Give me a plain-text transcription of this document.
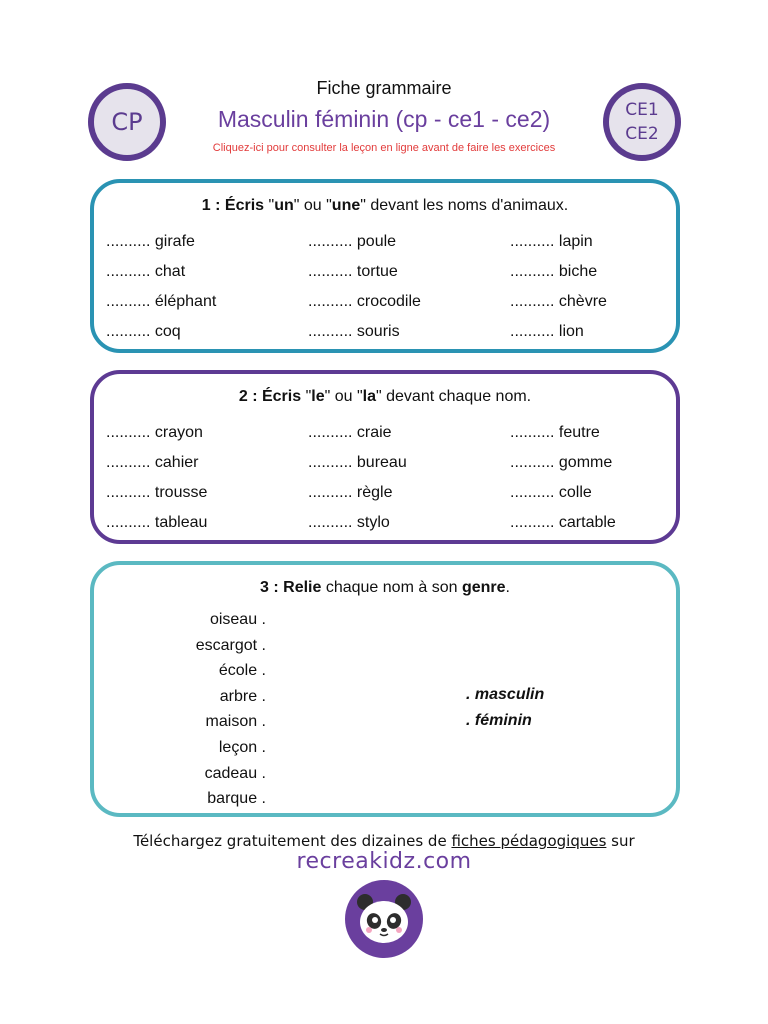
CP	CE1
CE2
Fiche grammaire
Masculin féminin (cp - ce1 - ce2)
Cliquez-ici pour consulter la leçon en ligne avant de faire les exercices
1 : Écris "un" ou "une" devant les noms d'animaux.
.......... girafe
.......... chat
.......... éléphant
.......... coq
.......... poule
.......... tortue
.......... crocodile
.......... souris
.......... lapin
.......... biche
.......... chèvre
.......... lion
2 : Écris "le" ou "la" devant chaque nom.
.......... crayon
.......... cahier
.......... trousse
.......... tableau
.......... craie
.......... bureau
.......... règle
.......... stylo
.......... feutre
.......... gomme
.......... colle
.......... cartable
3 : Relie chaque nom à son genre.
oiseau .
escargot .
école .
arbre .
maison .
leçon .
cadeau .
barque .
. masculin
. féminin
Téléchargez gratuitement des dizaines de fiches pédagogiques sur
recreakidz.com
